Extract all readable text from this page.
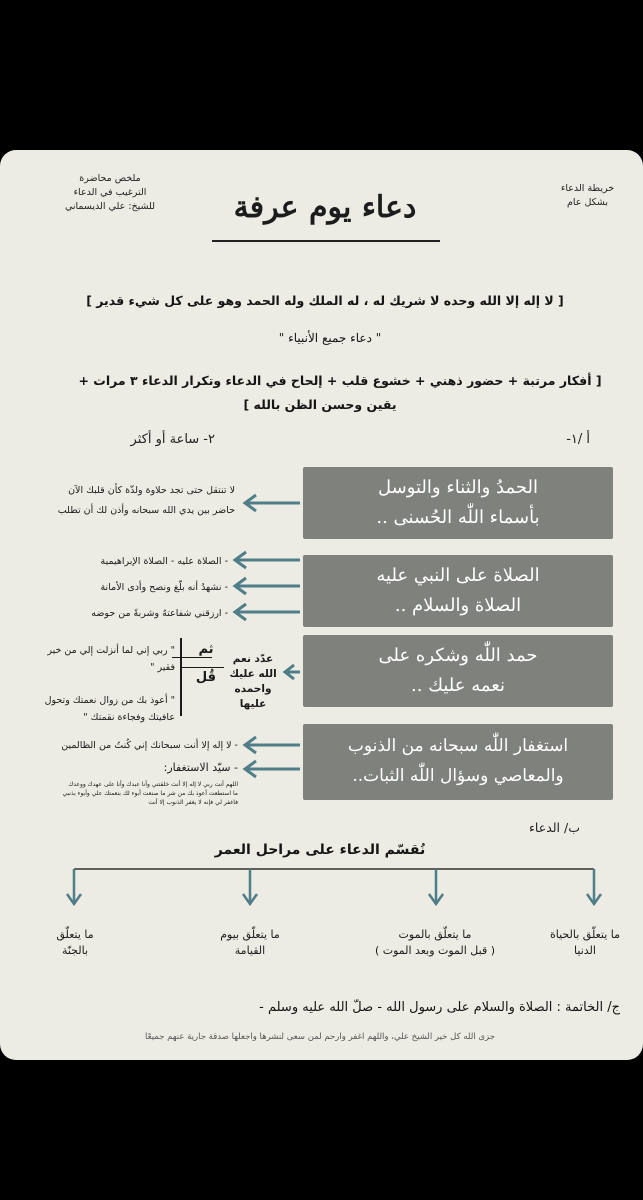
ملخص محاضرة
الترغيب في الدعاء
للشيخ: علي الديسماني
خريطة الدعاء
بشكل عام
دعاء يوم عرفة
[ لا إله إلا الله وحده لا شريك له ، له الملك وله الحمد وهو على كل شيء قدير ]
" دعاء جميع الأنبياء "
[ أفكار مرتبة + حضور ذهني + خشوع قلب + إلحاح في الدعاء وتكرار الدعاء ٣ مرات +
يقين وحسن الظن بالله ]
أ /١-
٢- ساعة أو أكثر
الحمدُ والثناء والتوسل
بأسماء اللّٰه الحُسنى ..
لا تنتقل حتى تجد حلاوة ولذّة كأن قلبك الآن
حاضر بين يدي الله سبحانه وأذن لك أن تطلب
الصلاة على النبي عليه
الصلاة والسلام ..
- الصلاة عليه - الصلاة الإبراهيمية
- نشهدُ أنه بلّغ ونصح وأدى الأمانة
- ارزقني شفاعتهُ وشربةً من حوضه
حمد اللّٰه وشكره على
نعمه عليك ..
عدّد نعم
الله عليك
واحمده عليها
ثم
قُل
" ربي إني لما أنزلت إلي من خير فقير "
" أعوذ بك من زوال نعمتك وتحول
عافيتك وفجاءة نقمتك "
استغفار اللّٰه سبحانه من الذنوب
والمعاصي وسؤال اللّٰه الثبات..
- لا إله إلا أنت سبحانك إني كُنتُ من الظالمين
- سيّد الاستغفار:
اللهم أنت ربي لا إله إلا أنت خلقتني وأنا عبدك وأنا على عهدك ووعدك
ما استطعت أعوذ بك من شر ما صنعت أبوء لك بنعمتك علي وأبوء بذنبي
فاغفر لي فإنه لا يغفر الذنوب إلا أنت
ب/ الدعاء
نُقسّم الدعاء على مراحل العمر
ما يتعلّق بالحياة
الدنيا
ما يتعلّق بالموت
( قبل الموت وبعد الموت )
ما يتعلّق بيوم
القيامة
ما يتعلّق
بالجنّة
ج/ الخاتمة : الصلاة والسلام على رسول الله - صلّ الله عليه وسلم -
جزى الله كل خير الشيخ علي، واللهم اغفر وارحم لمن سعى لنشرها واجعلها صدقة جارية عنهم جميعًا
